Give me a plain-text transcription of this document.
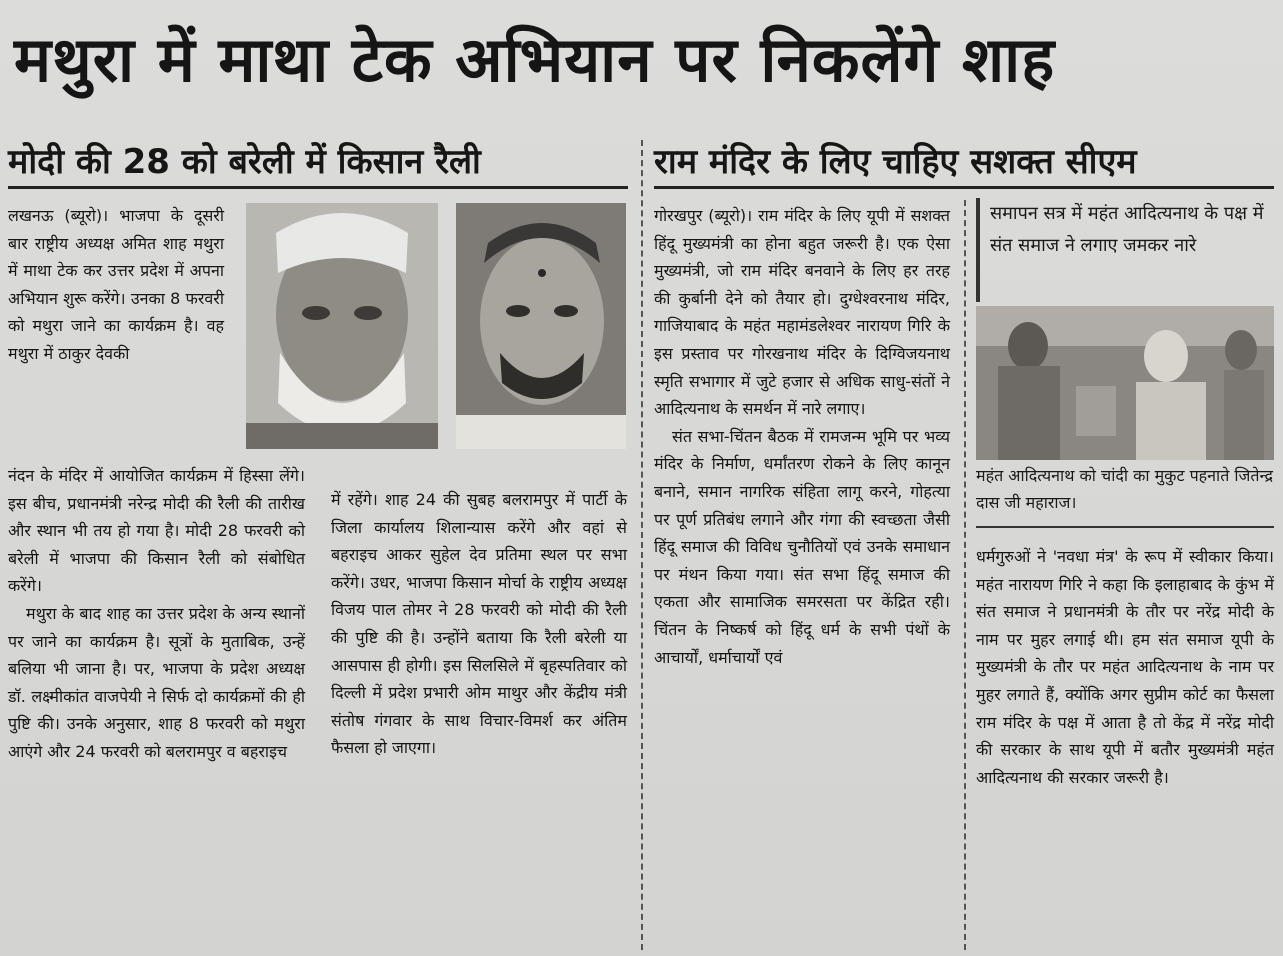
मथुरा में माथा टेक अभियान पर निकलेंगे शाह
मोदी की 28 को बरेली में किसान रैली	राम मंदिर के लिए चाहिए सशक्त सीएम

लखनऊ (ब्यूरो)। भाजपा के दूसरी बार राष्ट्रीय अध्यक्ष अमित शाह मथुरा में माथा टेक कर उत्तर प्रदेश में अपना अभियान शुरू करेंगे। उनका 8 फरवरी को मथुरा जाने का कार्यक्रम है। वह मथुरा में ठाकुर देवकी

नंदन के मंदिर में आयोजित कार्यक्रम में हिस्सा लेंगे। इस बीच, प्रधानमंत्री नरेन्द्र मोदी की रैली की तारीख और स्थान भी तय हो गया है। मोदी 28 फरवरी को बरेली में भाजपा की किसान रैली को संबोधित करेंगे।

मथुरा के बाद शाह का उत्तर प्रदेश के अन्य स्थानों पर जाने का कार्यक्रम है। सूत्रों के मुताबिक, उन्हें बलिया भी जाना है। पर, भाजपा के प्रदेश अध्यक्ष डॉ. लक्ष्मीकांत वाजपेयी ने सिर्फ दो कार्यक्रमों की ही पुष्टि की। उनके अनुसार, शाह 8 फरवरी को मथुरा आएंगे और 24 फरवरी को बलरामपुर व बहराइच

में रहेंगे। शाह 24 की सुबह बलरामपुर में पार्टी के जिला कार्यालय शिलान्यास करेंगे और वहां से बहराइच आकर सुहेल देव प्रतिमा स्थल पर सभा करेंगे। उधर, भाजपा किसान मोर्चा के राष्ट्रीय अध्यक्ष विजय पाल तोमर ने 28 फरवरी को मोदी की रैली की पुष्टि की है। उन्होंने बताया कि रैली बरेली या आसपास ही होगी। इस सिलसिले में बृहस्पतिवार को दिल्ली में प्रदेश प्रभारी ओम माथुर और केंद्रीय मंत्री संतोष गंगवार के साथ विचार-विमर्श कर अंतिम फैसला हो जाएगा।

गोरखपुर (ब्यूरो)। राम मंदिर के लिए यूपी में सशक्त हिंदू मुख्यमंत्री का होना बहुत जरूरी है। एक ऐसा मुख्यमंत्री, जो राम मंदिर बनवाने के लिए हर तरह की कुर्बानी देने को तैयार हो। दुग्धेश्वरनाथ मंदिर, गाजियाबाद के महंत महामंडलेश्वर नारायण गिरि के इस प्रस्ताव पर गोरखनाथ मंदिर के दिग्विजयनाथ स्मृति सभागार में जुटे हजार से अधिक साधु-संतों ने आदित्यनाथ के समर्थन में नारे लगाए।

संत सभा-चिंतन बैठक में रामजन्म भूमि पर भव्य मंदिर के निर्माण, धर्मांतरण रोकने के लिए कानून बनाने, समान नागरिक संहिता लागू करने, गोहत्या पर पूर्ण प्रतिबंध लगाने और गंगा की स्वच्छता जैसी हिंदू समाज की विविध चुनौतियों एवं उनके समाधान पर मंथन किया गया। संत सभा हिंदू समाज की एकता और सामाजिक समरसता पर केंद्रित रही। चिंतन के निष्कर्ष को हिंदू धर्म के सभी पंथों के आचार्यों, धर्माचार्यों एवं

समापन सत्र में महंत आदित्यनाथ के पक्ष में संत समाज ने लगाए जमकर नारे
महंत आदित्यनाथ को चांदी का मुकुट पहनाते जितेन्द्र दास जी महाराज।

धर्मगुरुओं ने 'नवधा मंत्र' के रूप में स्वीकार किया। महंत नारायण गिरि ने कहा कि इलाहाबाद के कुंभ में संत समाज ने प्रधानमंत्री के तौर पर नरेंद्र मोदी के नाम पर मुहर लगाई थी। हम संत समाज यूपी के मुख्यमंत्री के तौर पर महंत आदित्यनाथ के नाम पर मुहर लगाते हैं, क्योंकि अगर सुप्रीम कोर्ट का फैसला राम मंदिर के पक्ष में आता है तो केंद्र में नरेंद्र मोदी की सरकार के साथ यूपी में बतौर मुख्यमंत्री महंत आदित्यनाथ की सरकार जरूरी है।
